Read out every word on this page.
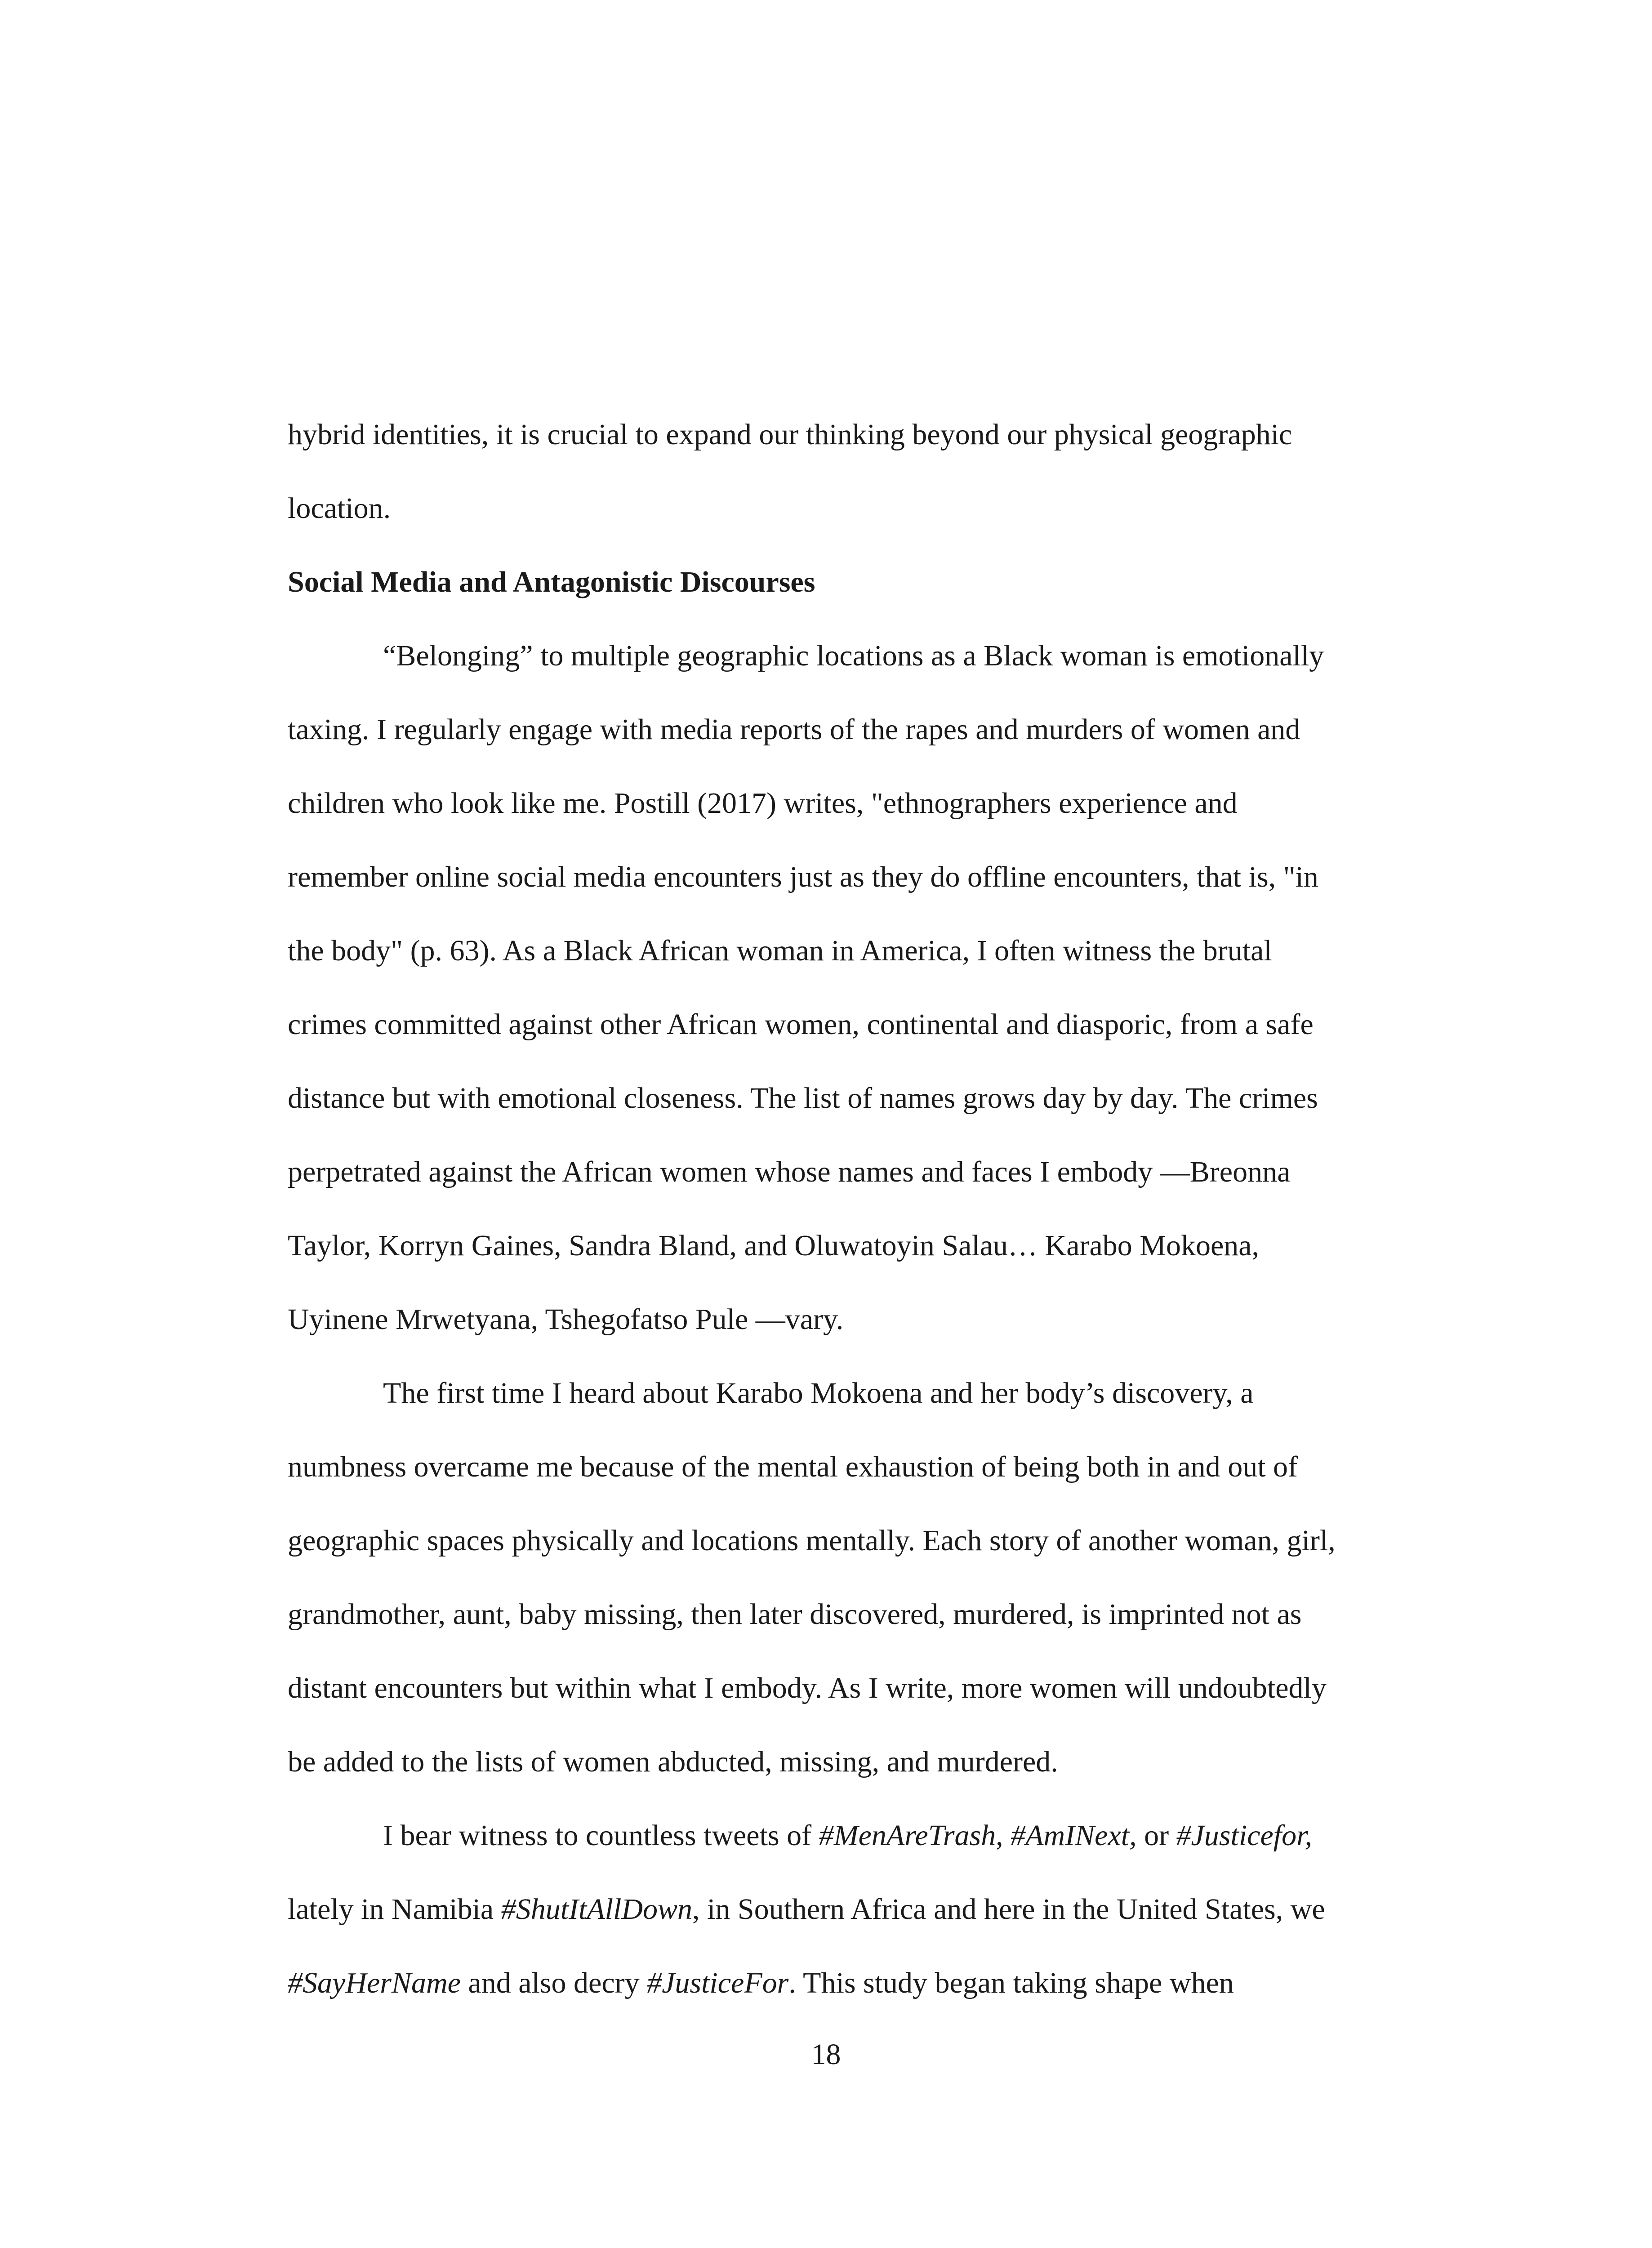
hybrid identities, it is crucial to expand our thinking beyond our physical geographic
location.
Social Media and Antagonistic Discourses
“Belonging” to multiple geographic locations as a Black woman is emotionally
taxing. I regularly engage with media reports of the rapes and murders of women and
children who look like me. Postill (2017) writes, "ethnographers experience and
remember online social media encounters just as they do offline encounters, that is, "in
the body" (p. 63). As a Black African woman in America, I often witness the brutal
crimes committed against other African women, continental and diasporic, from a safe
distance but with emotional closeness. The list of names grows day by day. The crimes
perpetrated against the African women whose names and faces I embody —Breonna
Taylor, Korryn Gaines, Sandra Bland, and Oluwatoyin Salau… Karabo Mokoena,
Uyinene Mrwetyana, Tshegofatso Pule —vary.
The first time I heard about Karabo Mokoena and her body’s discovery, a
numbness overcame me because of the mental exhaustion of being both in and out of
geographic spaces physically and locations mentally. Each story of another woman, girl,
grandmother, aunt, baby missing, then later discovered, murdered, is imprinted not as
distant encounters but within what I embody. As I write, more women will undoubtedly
be added to the lists of women abducted, missing, and murdered.
I bear witness to countless tweets of #MenAreTrash, #AmINext, or #Justicefor,
lately in Namibia #ShutItAllDown, in Southern Africa and here in the United States, we
#SayHerName and also decry #JusticeFor. This study began taking shape when
18
